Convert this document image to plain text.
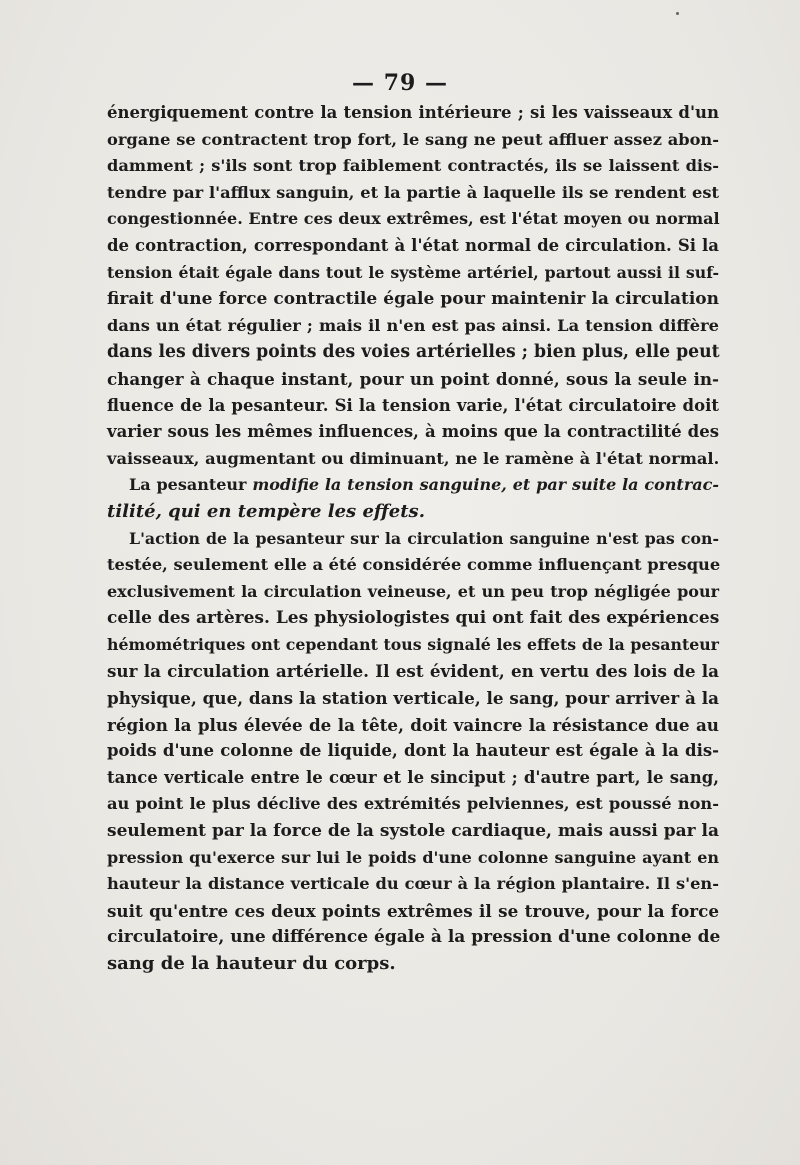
— 79 —

énergiquement contre la tension intérieure ; si les vaisseaux d'un
organe se contractent trop fort, le sang ne peut affluer assez abon-
damment ; s'ils sont trop faiblement contractés, ils se laissent dis-
tendre par l'afflux sanguin, et la partie à laquelle ils se rendent est
congestionnée. Entre ces deux extrêmes, est l'état moyen ou normal
de contraction, correspondant à l'état normal de circulation. Si la
tension était égale dans tout le système artériel, partout aussi il suf-
firait d'une force contractile égale pour maintenir la circulation
dans un état régulier ; mais il n'en est pas ainsi. La tension diffère
dans les divers points des voies artérielles ; bien plus, elle peut
changer à chaque instant, pour un point donné, sous la seule in-
fluence de la pesanteur. Si la tension varie, l'état circulatoire doit
varier sous les mêmes influences, à moins que la contractilité des
vaisseaux, augmentant ou diminuant, ne le ramène à l'état normal.

La pesanteur modifie la tension sanguine, et par suite la contrac-
tilité, qui en tempère les effets.

L'action de la pesanteur sur la circulation sanguine n'est pas con-
testée, seulement elle a été considérée comme influençant presque
exclusivement la circulation veineuse, et un peu trop négligée pour
celle des artères. Les physiologistes qui ont fait des expériences
hémométriques ont cependant tous signalé les effets de la pesanteur
sur la circulation artérielle. Il est évident, en vertu des lois de la
physique, que, dans la station verticale, le sang, pour arriver à la
région la plus élevée de la tête, doit vaincre la résistance due au
poids d'une colonne de liquide, dont la hauteur est égale à la dis-
tance verticale entre le cœur et le sinciput ; d'autre part, le sang,
au point le plus déclive des extrémités pelviennes, est poussé non-
seulement par la force de la systole cardiaque, mais aussi par la
pression qu'exerce sur lui le poids d'une colonne sanguine ayant en
hauteur la distance verticale du cœur à la région plantaire. Il s'en-
suit qu'entre ces deux points extrêmes il se trouve, pour la force
circulatoire, une différence égale à la pression d'une colonne de
sang de la hauteur du corps.
